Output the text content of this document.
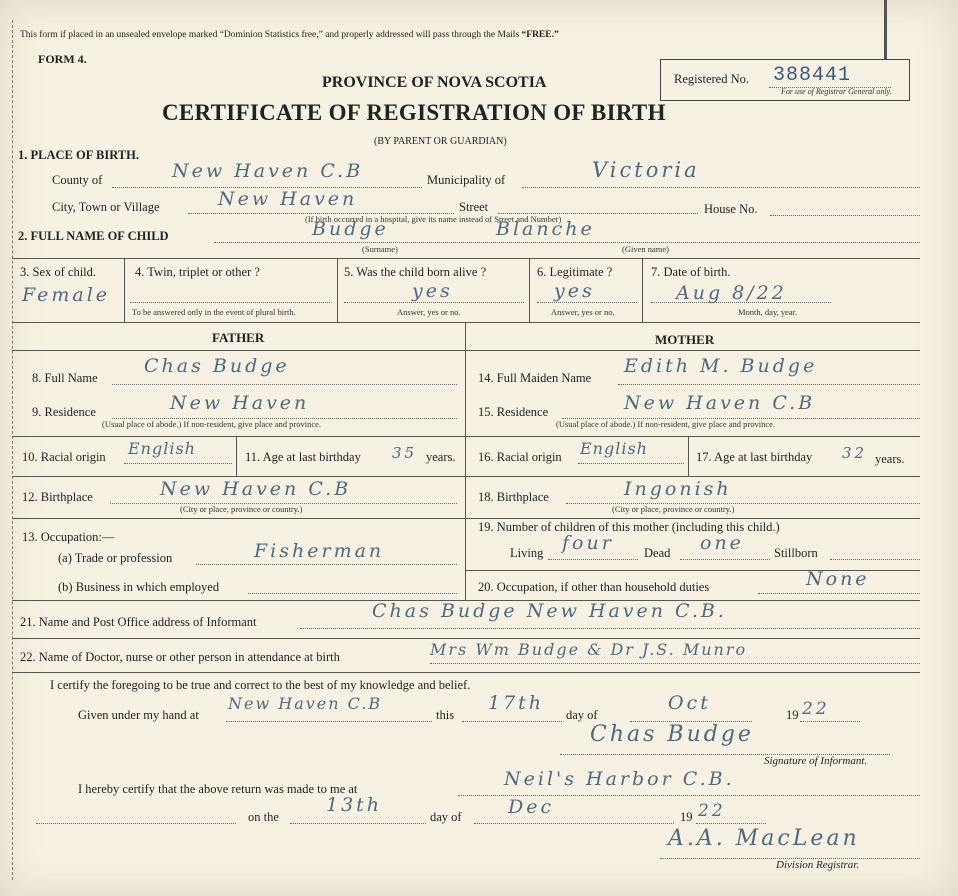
This form if placed in an unsealed envelope marked “Dominion Statistics free,” and properly addressed will pass through the Mails “FREE.”
FORM 4.
PROVINCE OF NOVA SCOTIA
CERTIFICATE OF REGISTRATION OF BIRTH
(BY PARENT OR GUARDIAN)
Registered No. 388441
For use of Registrar General only.
1. PLACE OF BIRTH.
County of	New Haven C.B	Municipality of	Victoria
City, Town or Village	New Haven	Street	House No.
(If birth occurred in a hospital, give its name instead of Street and Number)
2. FULL NAME OF CHILD	Budge	Blanche
(Surname)	(Given name)
3. Sex of child.
Female
4. Twin, triplet or other ?
To be answered only in the event of plural birth.
5. Was the child born alive ?
yes
Answer, yes or no.
6. Legitimate ?
yes
Answer, yes or no.
7. Date of birth.
Aug 8/22
Month, day, year.
FATHER	MOTHER
8. Full Name
Chas Budge
9. Residence	New Haven
(Usual place of abode.) If non-resident, give place and province.
10. Racial origin English	11. Age at last birthday 35 years.
12. Birthplace	New Haven C.B
(City or place, province or country.)
13. Occupation:—
(a) Trade or profession	Fisherman
(b) Business in which employed
14. Full Maiden Name
Edith M. Budge
15. Residence	New Haven C.B
(Usual place of abode.) If non-resident, give place and province.
16. Racial origin English	17. Age at last birthday 32 years.
18. Birthplace	Ingonish
(City or place, province or country.)
19. Number of children of this mother (including this child.)
Living four Dead one Stillborn
20. Occupation, if other than household duties	None
21. Name and Post Office address of Informant	Chas Budge New Haven C.B.
22. Name of Doctor, nurse or other person in attendance at birth	Mrs Wm Budge & Dr J.S. Munro
I certify the foregoing to be true and correct to the best of my knowledge and belief.
Given under my hand at
New Haven C.B
this
17th
day of
Oct
19 22
Chas Budge
Signature of Informant.
I hereby certify that the above return was made to me at	Neil's Harbor C.B.
on the
13th
day of Dec	19 22
A.A. MacLean
Division Registrar.
